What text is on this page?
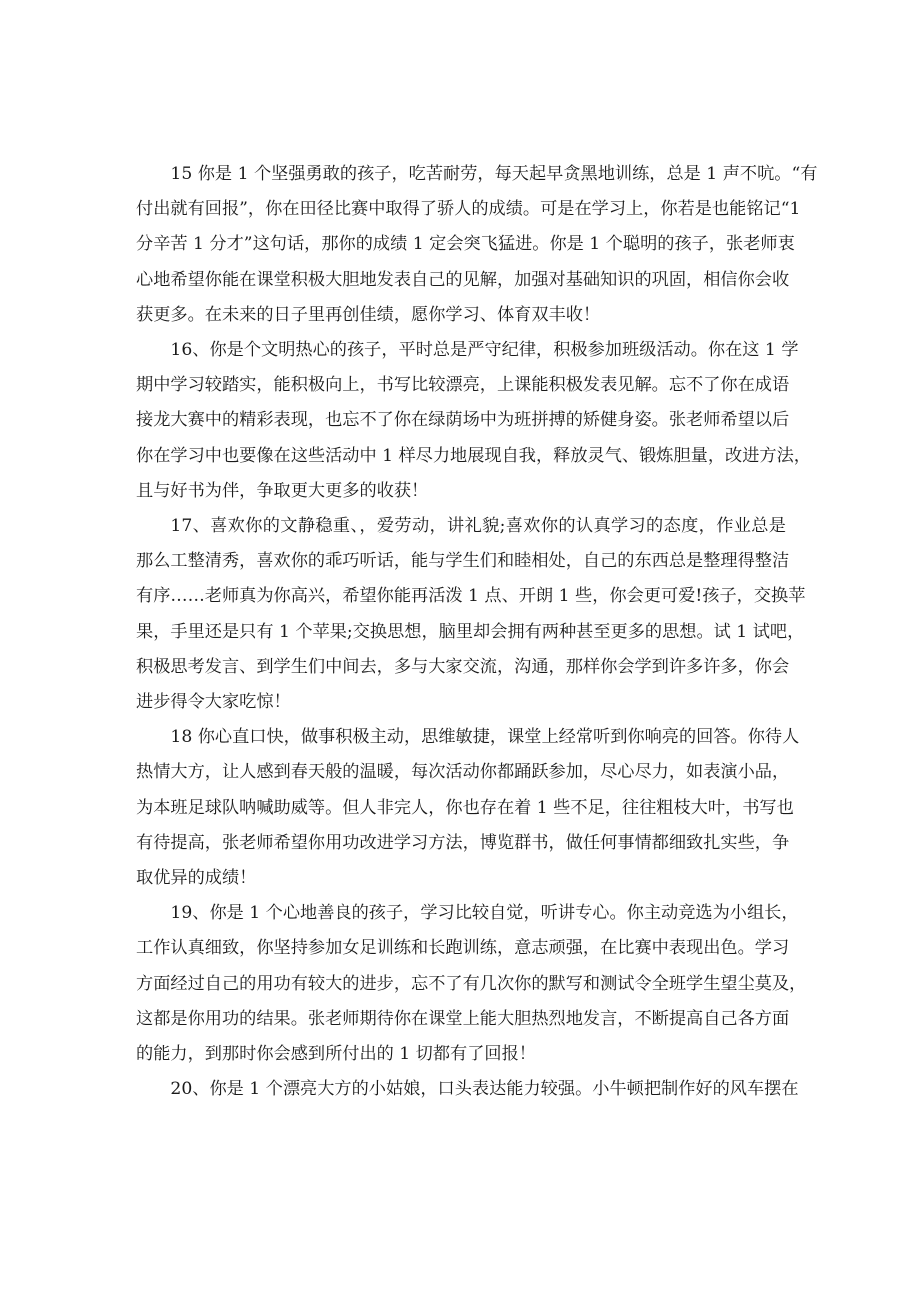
15 你是 1 个坚强勇敢的孩子，吃苦耐劳，每天起早贪黑地训练，总是 1 声不吭。“有
付出就有回报”，你在田径比赛中取得了骄人的成绩。可是在学习上，你若是也能铭记“1
分辛苦 1 分才”这句话，那你的成绩 1 定会突飞猛进。你是 1 个聪明的孩子，张老师衷
心地希望你能在课堂积极大胆地发表自己的见解，加强对基础知识的巩固，相信你会收
获更多。在未来的日子里再创佳绩，愿你学习、体育双丰收！

16、你是个文明热心的孩子，平时总是严守纪律，积极参加班级活动。你在这 1 学
期中学习较踏实，能积极向上，书写比较漂亮，上课能积极发表见解。忘不了你在成语
接龙大赛中的精彩表现，也忘不了你在绿荫场中为班拼搏的矫健身姿。张老师希望以后
你在学习中也要像在这些活动中 1 样尽力地展现自我，释放灵气、锻炼胆量，改进方法，
且与好书为伴，争取更大更多的收获！

17、喜欢你的文静稳重、，爱劳动，讲礼貌;喜欢你的认真学习的态度，作业总是
那么工整清秀，喜欢你的乖巧听话，能与学生们和睦相处，自己的东西总是整理得整洁
有序……老师真为你高兴，希望你能再活泼 1 点、开朗 1 些，你会更可爱!孩子，交换苹
果，手里还是只有 1 个苹果;交换思想，脑里却会拥有两种甚至更多的思想。试 1 试吧，
积极思考发言、到学生们中间去，多与大家交流，沟通，那样你会学到许多许多，你会
进步得令大家吃惊！

18 你心直口快，做事积极主动，思维敏捷，课堂上经常听到你响亮的回答。你待人
热情大方，让人感到春天般的温暖，每次活动你都踊跃参加，尽心尽力，如表演小品，
为本班足球队呐喊助威等。但人非完人，你也存在着 1 些不足，往往粗枝大叶，书写也
有待提高，张老师希望你用功改进学习方法，博览群书，做任何事情都细致扎实些，争
取优异的成绩！

19、你是 1 个心地善良的孩子，学习比较自觉，听讲专心。你主动竞选为小组长，
工作认真细致，你坚持参加女足训练和长跑训练，意志顽强，在比赛中表现出色。学习
方面经过自己的用功有较大的进步，忘不了有几次你的默写和测试令全班学生望尘莫及，
这都是你用功的结果。张老师期待你在课堂上能大胆热烈地发言，不断提高自己各方面
的能力，到那时你会感到所付出的 1 切都有了回报！

20、你是 1 个漂亮大方的小姑娘，口头表达能力较强。小牛顿把制作好的风车摆在
